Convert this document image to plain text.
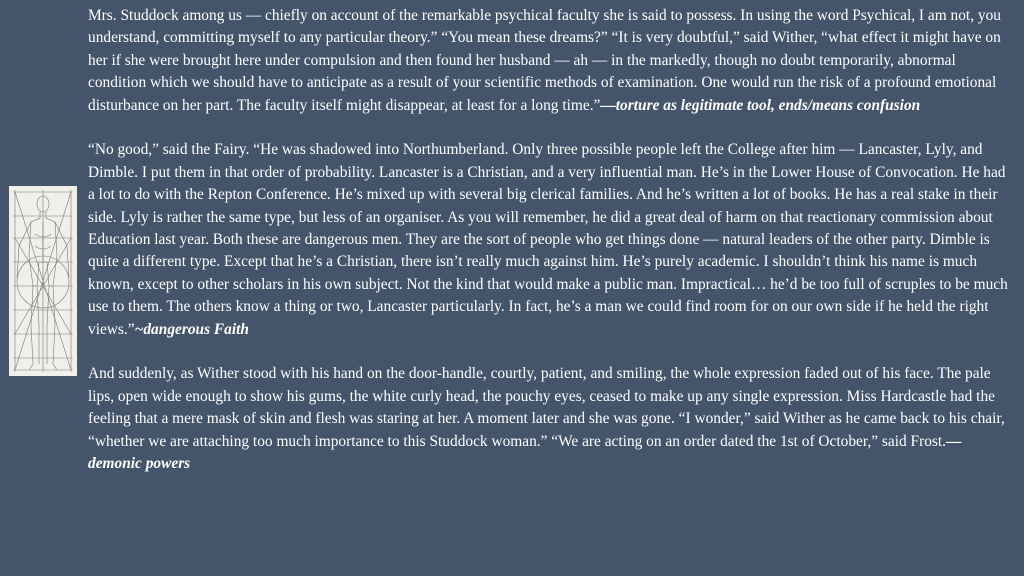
Mrs. Studdock among us — chiefly on account of the remarkable psychical faculty she is said to possess. In using the word Psychical, I am not, you understand, committing myself to any particular theory.” “You mean these dreams?” “It is very doubtful,” said Wither, “what effect it might have on her if she were brought here under compulsion and then found her husband — ah — in the markedly, though no doubt temporarily, abnormal condition which we should have to anticipate as a result of your scientific methods of examination. One would run the risk of a profound emotional disturbance on her part. The faculty itself might disappear, at least for a long time.”—torture as legitimate tool, ends/means confusion

“No good,” said the Fairy. “He was shadowed into Northumberland. Only three possible people left the College after him — Lancaster, Lyly, and Dimble. I put them in that order of probability. Lancaster is a Christian, and a very influential man. He’s in the Lower House of Convocation. He had a lot to do with the Repton Conference. He’s mixed up with several big clerical families. And he’s written a lot of books. He has a real stake in their side. Lyly is rather the same type, but less of an organiser. As you will remember, he did a great deal of harm on that reactionary commission about Education last year. Both these are dangerous men. They are the sort of people who get things done — natural leaders of the other party. Dimble is quite a different type. Except that he’s a Christian, there isn’t really much against him. He’s purely academic. I shouldn’t think his name is much known, except to other scholars in his own subject. Not the kind that would make a public man. Impractical… he’d be too full of scruples to be much use to them. The others know a thing or two, Lancaster particularly. In fact, he’s a man we could find room for on our own side if he held the right views.”~dangerous Faith

And suddenly, as Wither stood with his hand on the door-handle, courtly, patient, and smiling, the whole expression faded out of his face. The pale lips, open wide enough to show his gums, the white curly head, the pouchy eyes, ceased to make up any single expression. Miss Hardcastle had the feeling that a mere mask of skin and flesh was staring at her. A moment later and she was gone. “I wonder,” said Wither as he came back to his chair, “whether we are attaching too much importance to this Studdock woman.” “We are acting on an order dated the 1st of October,” said Frost.—demonic powers
